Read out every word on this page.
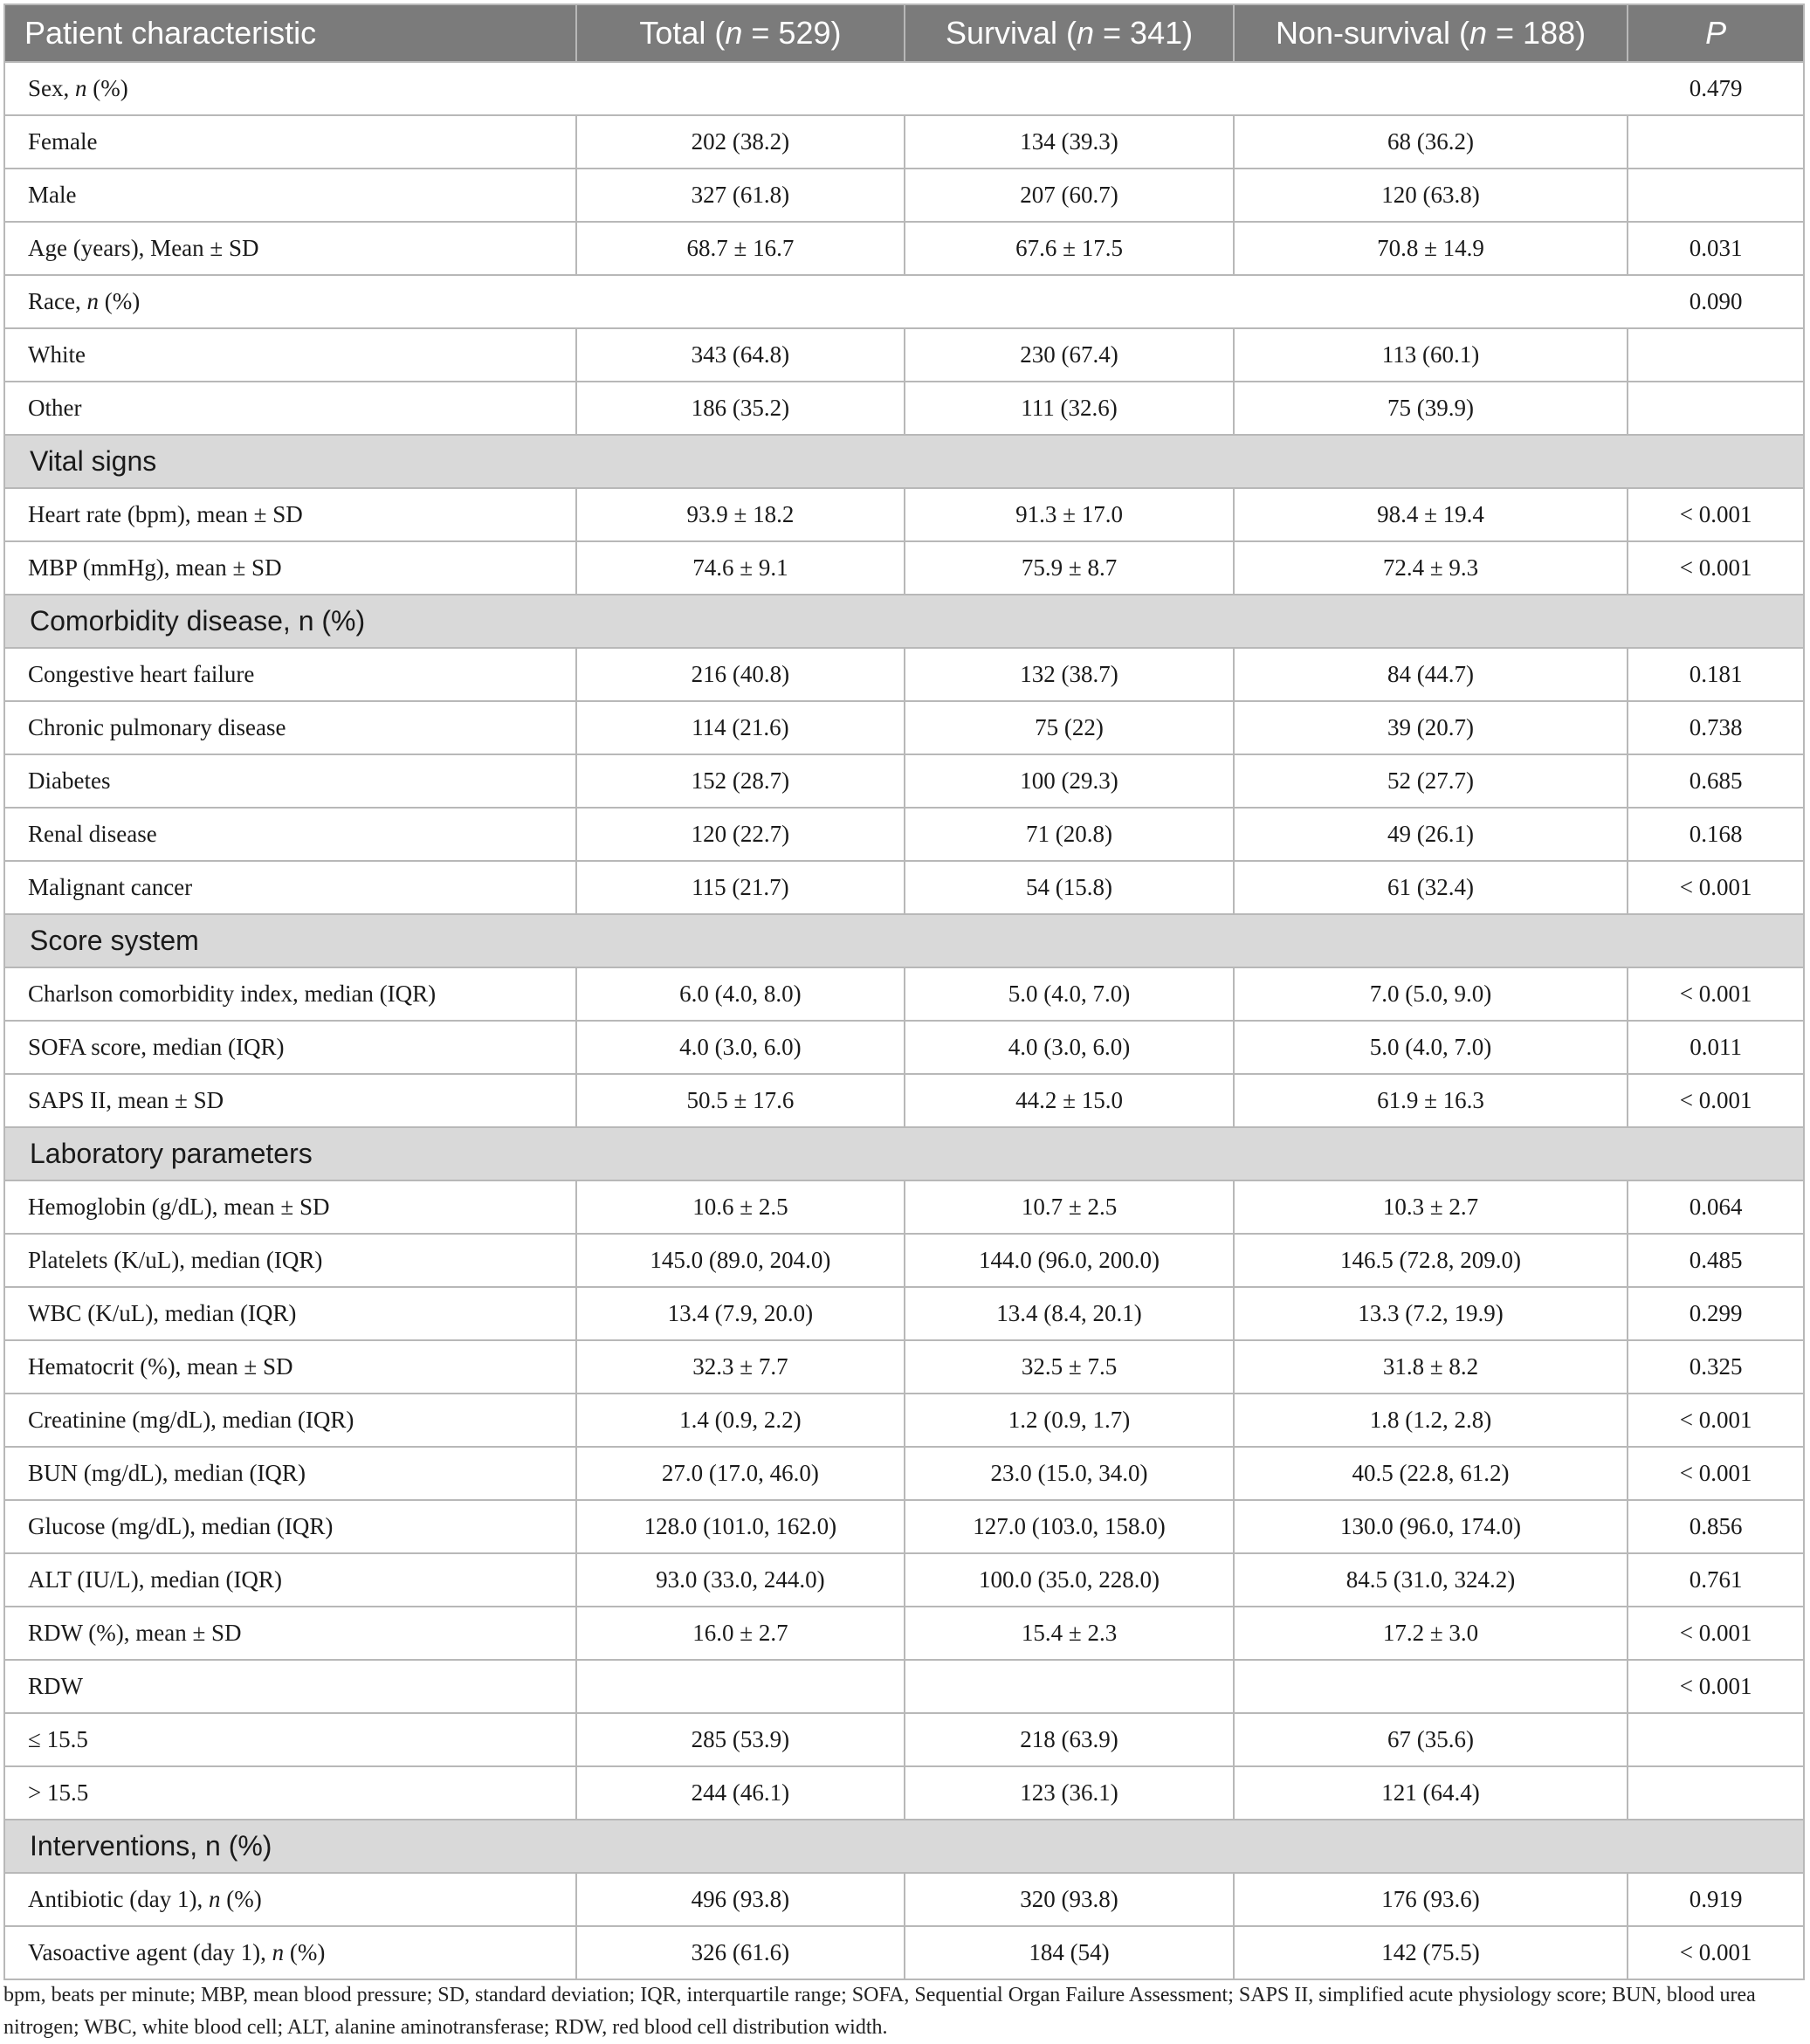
Patient characteristic	Total (n = 529)	Survival (n = 341)	Non-survival (n = 188)	P
Sex, n (%)				0.479
Female	202 (38.2)	134 (39.3)	68 (36.2)	
Male	327 (61.8)	207 (60.7)	120 (63.8)	
Age (years), Mean ± SD	68.7 ± 16.7	67.6 ± 17.5	70.8 ± 14.9	0.031
Race, n (%)				0.090
White	343 (64.8)	230 (67.4)	113 (60.1)	
Other	186 (35.2)	111 (32.6)	75 (39.9)	
Vital signs				
Heart rate (bpm), mean ± SD	93.9 ± 18.2	91.3 ± 17.0	98.4 ± 19.4	< 0.001
MBP (mmHg), mean ± SD	74.6 ± 9.1	75.9 ± 8.7	72.4 ± 9.3	< 0.001
Comorbidity disease, n (%)				
Congestive heart failure	216 (40.8)	132 (38.7)	84 (44.7)	0.181
Chronic pulmonary disease	114 (21.6)	75 (22)	39 (20.7)	0.738
Diabetes	152 (28.7)	100 (29.3)	52 (27.7)	0.685
Renal disease	120 (22.7)	71 (20.8)	49 (26.1)	0.168
Malignant cancer	115 (21.7)	54 (15.8)	61 (32.4)	< 0.001
Score system				
Charlson comorbidity index, median (IQR)	6.0 (4.0, 8.0)	5.0 (4.0, 7.0)	7.0 (5.0, 9.0)	< 0.001
SOFA score, median (IQR)	4.0 (3.0, 6.0)	4.0 (3.0, 6.0)	5.0 (4.0, 7.0)	0.011
SAPS II, mean ± SD	50.5 ± 17.6	44.2 ± 15.0	61.9 ± 16.3	< 0.001
Laboratory parameters				
Hemoglobin (g/dL), mean ± SD	10.6 ± 2.5	10.7 ± 2.5	10.3 ± 2.7	0.064
Platelets (K/uL), median (IQR)	145.0 (89.0, 204.0)	144.0 (96.0, 200.0)	146.5 (72.8, 209.0)	0.485
WBC (K/uL), median (IQR)	13.4 (7.9, 20.0)	13.4 (8.4, 20.1)	13.3 (7.2, 19.9)	0.299
Hematocrit (%), mean ± SD	32.3 ± 7.7	32.5 ± 7.5	31.8 ± 8.2	0.325
Creatinine (mg/dL), median (IQR)	1.4 (0.9, 2.2)	1.2 (0.9, 1.7)	1.8 (1.2, 2.8)	< 0.001
BUN (mg/dL), median (IQR)	27.0 (17.0, 46.0)	23.0 (15.0, 34.0)	40.5 (22.8, 61.2)	< 0.001
Glucose (mg/dL), median (IQR)	128.0 (101.0, 162.0)	127.0 (103.0, 158.0)	130.0 (96.0, 174.0)	0.856
ALT (IU/L), median (IQR)	93.0 (33.0, 244.0)	100.0 (35.0, 228.0)	84.5 (31.0, 324.2)	0.761
RDW (%), mean ± SD	16.0 ± 2.7	15.4 ± 2.3	17.2 ± 3.0	< 0.001
RDW				< 0.001
≤ 15.5	285 (53.9)	218 (63.9)	67 (35.6)	
> 15.5	244 (46.1)	123 (36.1)	121 (64.4)	
Interventions, n (%)				
Antibiotic (day 1), n (%)	496 (93.8)	320 (93.8)	176 (93.6)	0.919
Vasoactive agent (day 1), n (%)	326 (61.6)	184 (54)	142 (75.5)	< 0.001
bpm, beats per minute; MBP, mean blood pressure; SD, standard deviation; IQR, interquartile range; SOFA, Sequential Organ Failure Assessment; SAPS II, simplified acute physiology score; BUN, blood urea nitrogen; WBC, white blood cell; ALT, alanine aminotransferase; RDW, red blood cell distribution width.
